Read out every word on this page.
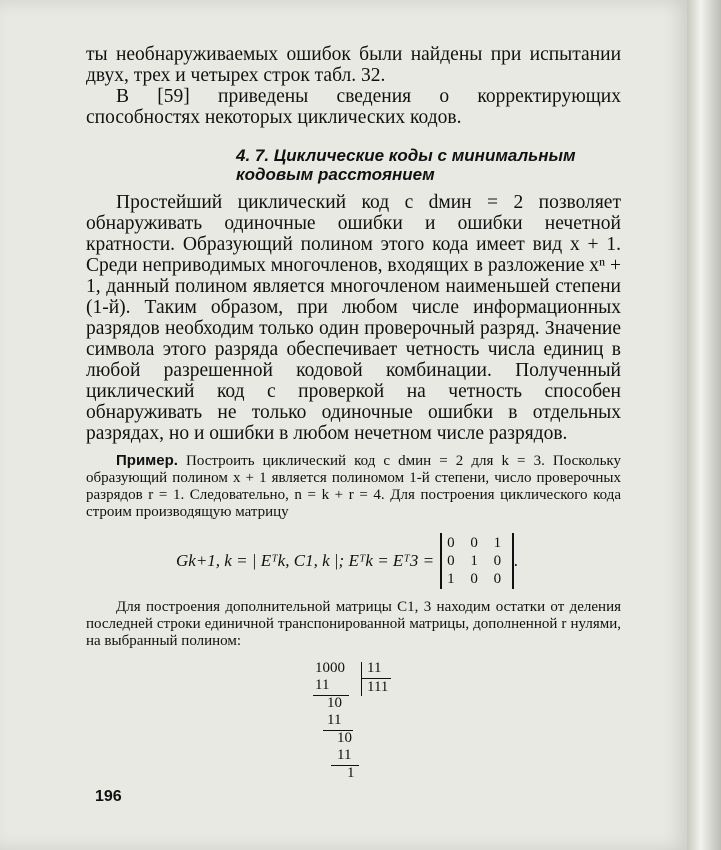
ты необнаруживаемых ошибок были найдены при испытании двух, трех и четырех строк табл. 32.

В [59] приведены сведения о корректирующих способностях некоторых циклических кодов.

4. 7. Циклические коды с минимальным кодовым расстоянием

Простейший циклический код с dмин = 2 позволяет обнаруживать одиночные ошибки и ошибки нечетной кратности. Образующий полином этого кода имеет вид x + 1. Среди неприводимых многочленов, входящих в разложение xⁿ + 1, данный полином является многочленом наименьшей степени (1-й). Таким образом, при любом числе информационных разрядов необходим только один проверочный разряд. Значение символа этого разряда обеспечивает четность числа единиц в любой разрешенной кодовой комбинации. Полученный циклический код с проверкой на четность способен обнаруживать не только одиночные ошибки в отдельных разрядах, но и ошибки в любом нечетном числе разрядов.

Пример. Построить циклический код с dмин = 2 для k = 3. Поскольку образующий полином x + 1 является полиномом 1-й степени, число проверочных разрядов r = 1. Следовательно, n = k + r = 4. Для построения циклического кода строим производящую матрицу

Gk+1, k = | Eᵀk, C1, k |; Eᵀk = Eᵀ3 =
0 0 1
0 1 0
1 0 0
.

Для построения дополнительной матрицы C1, 3 находим остатки от деления последней строки единичной транспонированной матрицы, дополненной r нулями, на выбранный полином:

1000 11
111
11
10
11
10
11
1
196
